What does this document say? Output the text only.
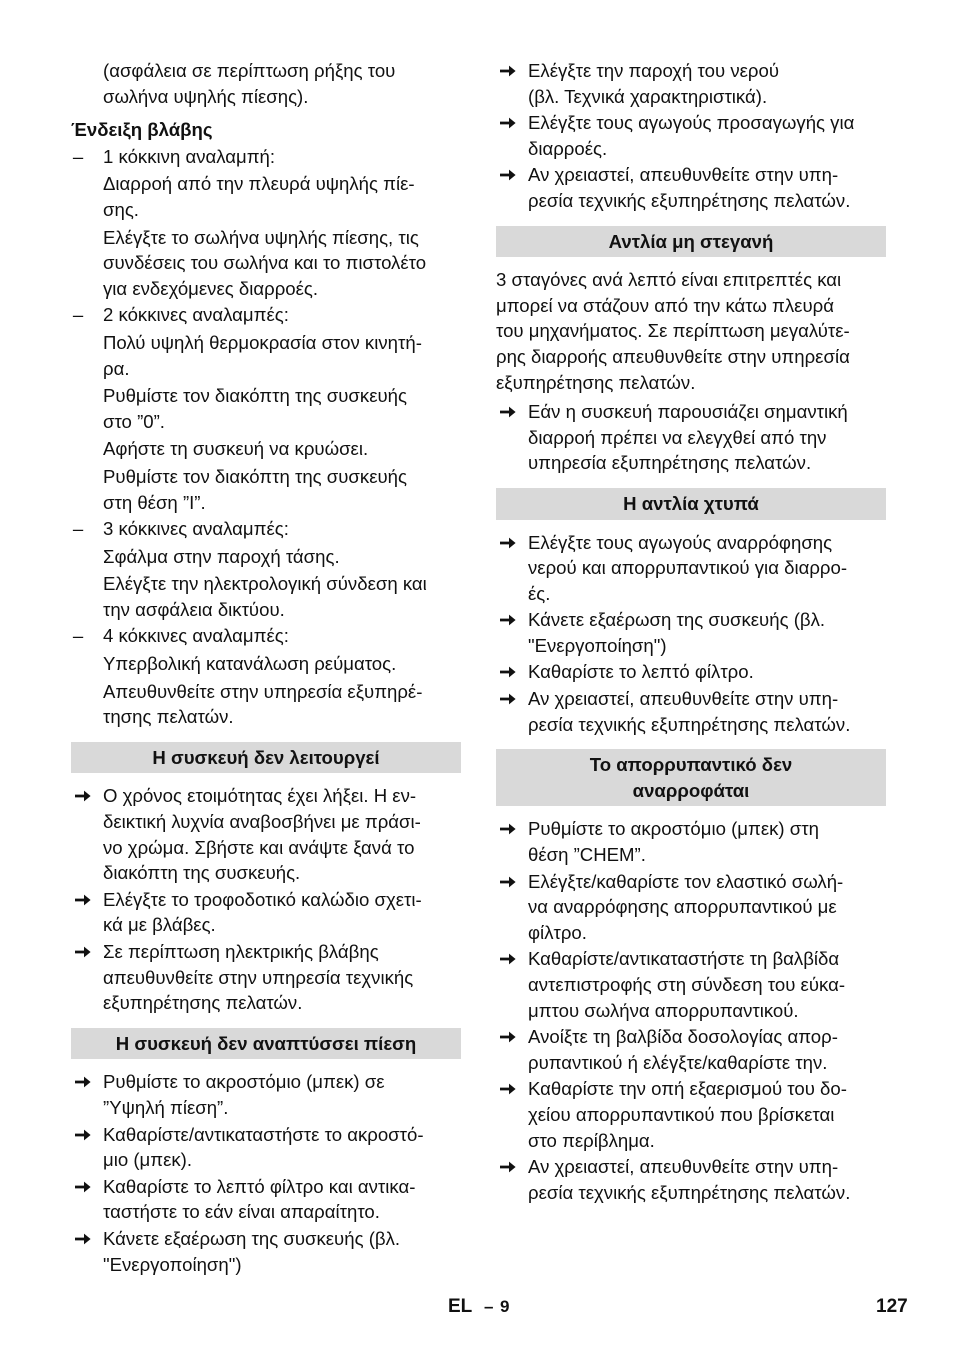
(ασφάλεια σε περίπτωση ρήξης του
σωλήνα υψηλής πίεσης).
Ένδειξη βλάβης
– 1 κόκκινη αναλαμπή:
Διαρροή από την πλευρά υψηλής πίε-
σης.
Ελέγξτε το σωλήνα υψηλής πίεσης, τις
συνδέσεις του σωλήνα και το πιστολέτο
για ενδεχόμενες διαρροές.
– 2 κόκκινες αναλαμπές:
Πολύ υψηλή θερμοκρασία στον κινητή-
ρα.
Ρυθμίστε τον διακόπτη της συσκευής
στο ”0”.
Αφήστε τη συσκευή να κρυώσει.
Ρυθμίστε τον διακόπτη της συσκευής
στη θέση ”I”.
– 3 κόκκινες αναλαμπές:
Σφάλμα στην παροχή τάσης.
Ελέγξτε την ηλεκτρολογική σύνδεση και
την ασφάλεια δικτύου.
– 4 κόκκινες αναλαμπές:
Υπερβολική κατανάλωση ρεύματος.
Απευθυνθείτε στην υπηρεσία εξυπηρέ-
τησης πελατών.
Η συσκευή δεν λειτουργεί
Ο χρόνος ετοιμότητας έχει λήξει. Η εν-
δεικτική λυχνία αναβοσβήνει με πράσι-
νο χρώμα. Σβήστε και ανάψτε ξανά το
διακόπτη της συσκευής.
Ελέγξτε το τροφοδοτικό καλώδιο σχετι-
κά με βλάβες.
Σε περίπτωση ηλεκτρικής βλάβης
απευθυνθείτε στην υπηρεσία τεχνικής
εξυπηρέτησης πελατών.
Η συσκευή δεν αναπτύσσει πίεση
Ρυθμίστε το ακροστόμιο (μπεκ) σε
”Υψηλή πίεση”.
Καθαρίστε/αντικαταστήστε το ακροστό-
μιο (μπεκ).
Καθαρίστε το λεπτό φίλτρο και αντικα-
ταστήστε το εάν είναι απαραίτητο.
Κάνετε εξαέρωση της συσκευής (βλ.
"Ενεργοποίηση")
Ελέγξτε την παροχή του νερού
(βλ. Τεχνικά χαρακτηριστικά).
Ελέγξτε τους αγωγούς προσαγωγής για
διαρροές.
Αν χρειαστεί, απευθυνθείτε στην υπη-
ρεσία τεχνικής εξυπηρέτησης πελατών.
Αντλία μη στεγανή
3 σταγόνες ανά λεπτό είναι επιτρεπτές και
μπορεί να στάζουν από την κάτω πλευρά
του μηχανήματος. Σε περίπτωση μεγαλύτε-
ρης διαρροής απευθυνθείτε στην υπηρεσία
εξυπηρέτησης πελατών.
Εάν η συσκευή παρουσιάζει σημαντική
διαρροή πρέπει να ελεγχθεί από την
υπηρεσία εξυπηρέτησης πελατών.
Η αντλία χτυπά
Ελέγξτε τους αγωγούς αναρρόφησης
νερού και απορρυπαντικού για διαρρο-
ές.
Κάνετε εξαέρωση της συσκευής (βλ.
"Ενεργοποίηση")
Καθαρίστε το λεπτό φίλτρο.
Αν χρειαστεί, απευθυνθείτε στην υπη-
ρεσία τεχνικής εξυπηρέτησης πελατών.
Το απορρυπαντικό δεν
αναρροφάται
Ρυθμίστε το ακροστόμιο (μπεκ) στη
θέση ”CHEM”.
Ελέγξτε/καθαρίστε τον ελαστικό σωλή-
να αναρρόφησης απορρυπαντικού με
φίλτρο.
Καθαρίστε/αντικαταστήστε τη βαλβίδα
αντεπιστροφής στη σύνδεση του εύκα-
μπτου σωλήνα απορρυπαντικού.
Ανοίξτε τη βαλβίδα δοσολογίας απορ-
ρυπαντικού ή ελέγξτε/καθαρίστε την.
Καθαρίστε την οπή εξαερισμού του δο-
χείου απορρυπαντικού που βρίσκεται
στο περίβλημα.
Αν χρειαστεί, απευθυνθείτε στην υπη-
ρεσία τεχνικής εξυπηρέτησης πελατών.
EL – 9	127
